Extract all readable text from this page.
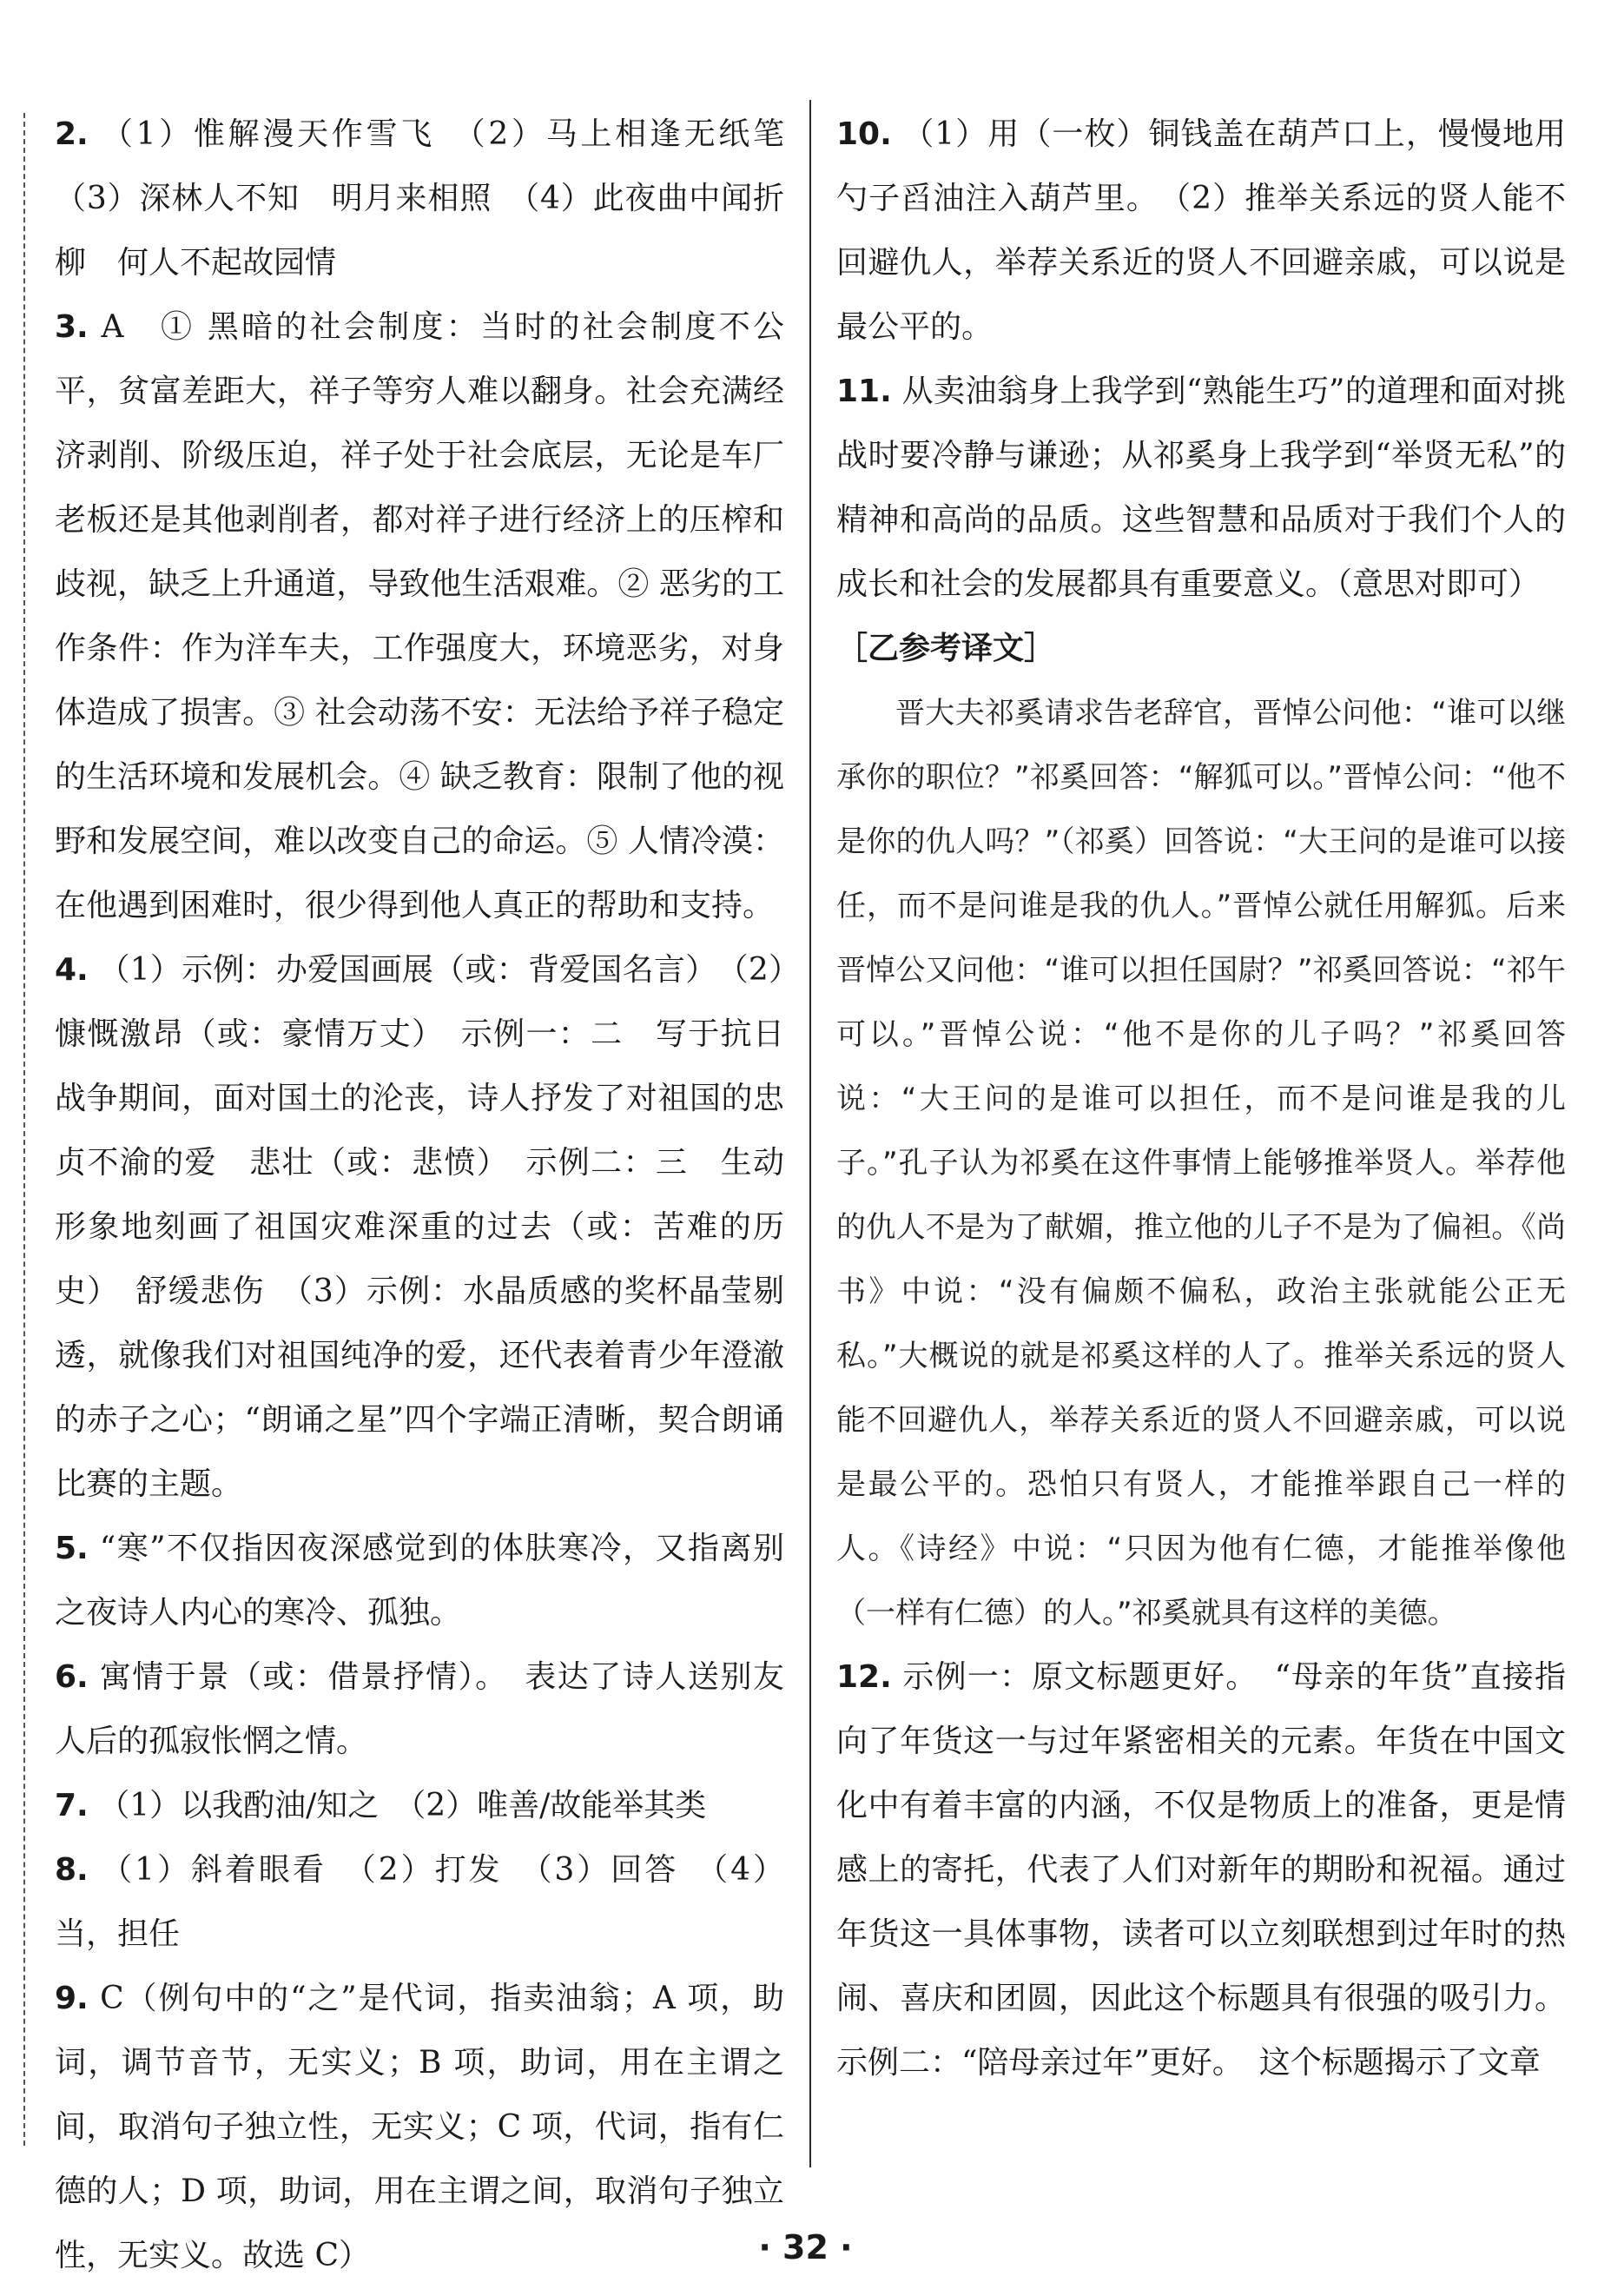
2. （1）惟解漫天作雪飞　（2）马上相逢无纸笔　（3）深林人不知　明月来相照　（4）此夜曲中闻折柳　何人不起故园情

3. A　① 黑暗的社会制度：当时的社会制度不公平，贫富差距大，祥子等穷人难以翻身。社会充满经济剥削、阶级压迫，祥子处于社会底层，无论是车厂老板还是其他剥削者，都对祥子进行经济上的压榨和歧视，缺乏上升通道，导致他生活艰难。② 恶劣的工作条件：作为洋车夫，工作强度大，环境恶劣，对身体造成了损害。③ 社会动荡不安：无法给予祥子稳定的生活环境和发展机会。④ 缺乏教育：限制了他的视野和发展空间，难以改变自己的命运。⑤ 人情冷漠：在他遇到困难时，很少得到他人真正的帮助和支持。

4. （1）示例：办爱国画展（或：背爱国名言）　（2）慷慨激昂（或：豪情万丈）　示例一：二　写于抗日战争期间，面对国土的沦丧，诗人抒发了对祖国的忠贞不渝的爱　悲壮（或：悲愤）　示例二：三　生动形象地刻画了祖国灾难深重的过去（或：苦难的历史）　舒缓悲伤　（3）示例：水晶质感的奖杯晶莹剔透，就像我们对祖国纯净的爱，还代表着青少年澄澈的赤子之心；“朗诵之星”四个字端正清晰，契合朗诵比赛的主题。

5. “寒”不仅指因夜深感觉到的体肤寒冷，又指离别之夜诗人内心的寒冷、孤独。

6. 寓情于景（或：借景抒情）。　表达了诗人送别友人后的孤寂怅惘之情。

7. （1）以我酌油/知之　（2）唯善/故能举其类

8. （1）斜着眼看　（2）打发　（3）回答　（4）当，担任

9. C（例句中的“之”是代词，指卖油翁；A 项，助词，调节音节，无实义；B 项，助词，用在主谓之间，取消句子独立性，无实义；C 项，代词，指有仁德的人；D 项，助词，用在主谓之间，取消句子独立性，无实义。故选 C）

10. （1）用（一枚）铜钱盖在葫芦口上，慢慢地用勺子舀油注入葫芦里。　（2）推举关系远的贤人能不回避仇人，举荐关系近的贤人不回避亲戚，可以说是最公平的。

11. 从卖油翁身上我学到“熟能生巧”的道理和面对挑战时要冷静与谦逊；从祁奚身上我学到“举贤无私”的精神和高尚的品质。这些智慧和品质对于我们个人的成长和社会的发展都具有重要意义。（意思对即可）

［乙参考译文］

晋大夫祁奚请求告老辞官，晋悼公问他：“谁可以继承你的职位？”祁奚回答：“解狐可以。”晋悼公问：“他不是你的仇人吗？”（祁奚）回答说：“大王问的是谁可以接任，而不是问谁是我的仇人。”晋悼公就任用解狐。后来晋悼公又问他：“谁可以担任国尉？”祁奚回答说：“祁午可以。”晋悼公说：“他不是你的儿子吗？”祁奚回答说：“大王问的是谁可以担任，而不是问谁是我的儿子。”孔子认为祁奚在这件事情上能够推举贤人。举荐他的仇人不是为了献媚，推立他的儿子不是为了偏袒。《尚书》中说：“没有偏颇不偏私，政治主张就能公正无私。”大概说的就是祁奚这样的人了。推举关系远的贤人能不回避仇人，举荐关系近的贤人不回避亲戚，可以说是最公平的。恐怕只有贤人，才能推举跟自己一样的人。《诗经》中说：“只因为他有仁德，才能推举像他（一样有仁德）的人。”祁奚就具有这样的美德。

12. 示例一：原文标题更好。　“母亲的年货”直接指向了年货这一与过年紧密相关的元素。年货在中国文化中有着丰富的内涵，不仅是物质上的准备，更是情感上的寄托，代表了人们对新年的期盼和祝福。通过年货这一具体事物，读者可以立刻联想到过年时的热闹、喜庆和团圆，因此这个标题具有很强的吸引力。示例二：“陪母亲过年”更好。　这个标题揭示了文章

· 32 ·
